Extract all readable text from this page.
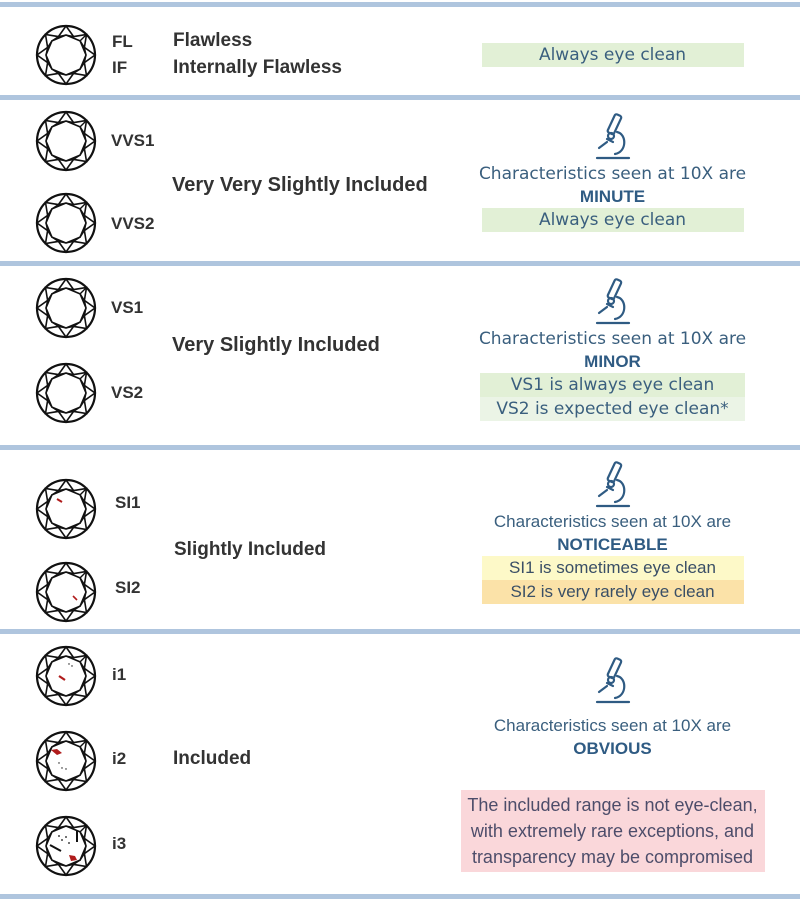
FL
IF
Flawless
Internally Flawless
Always eye clean
VVS1
VVS2
Very Very Slightly Included	Characteristics seen at 10X are
MINUTE
Always eye clean
VS1
VS2
Very Slightly Included	Characteristics seen at 10X are
MINOR
VS1 is always eye clean
VS2 is expected eye clean*
SI1
SI2
Slightly Included
Characteristics seen at 10X are
NOTICEABLE
SI1 is sometimes eye clean
SI2 is very rarely eye clean
i1
i2
i3
Included
Characteristics seen at 10X are
OBVIOUS
The included range is not eye-clean,
with extremely rare exceptions, and
transparency may be compromised
